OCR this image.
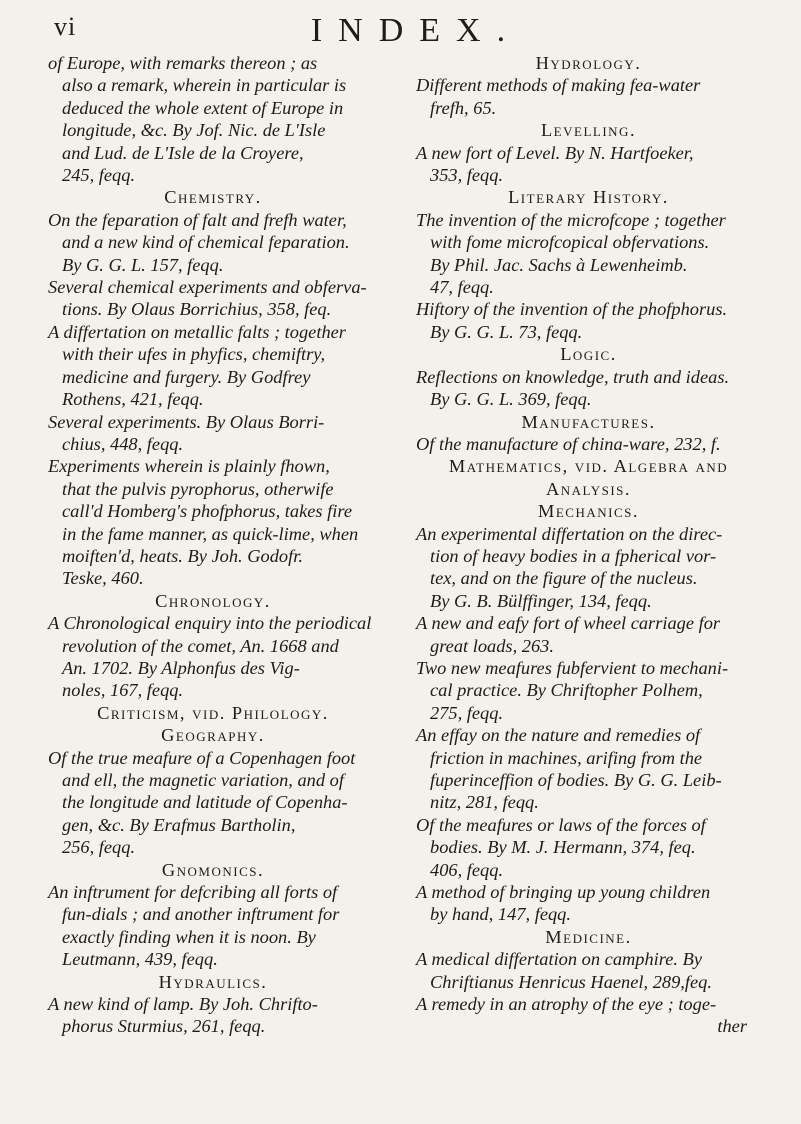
vi	INDEX.

of Europe, with remarks thereon ; as
also a remark, wherein in particular is
deduced the whole extent of Europe in
longitude, &c. By Jof. Nic. de L'Isle
and Lud. de L'Isle de la Croyere,
245, feqq.

Chemistry.

On the feparation of falt and frefh water,
and a new kind of chemical feparation.
By G. G. L. 157, feqq.

Several chemical experiments and obferva-
tions. By Olaus Borrichius, 358, feq.

A differtation on metallic falts ; together
with their ufes in phyfics, chemiftry,
medicine and furgery. By Godfrey
Rothens, 421, feqq.

Several experiments. By Olaus Borri-
chius, 448, feqq.

Experiments wherein is plainly fhown,
that the pulvis pyrophorus, otherwife
call'd Homberg's phofphorus, takes fire
in the fame manner, as quick-lime, when
moiften'd, heats. By Joh. Godofr.
Teske, 460.

Chronology.

A Chronological enquiry into the periodical
revolution of the comet, An. 1668 and
An. 1702. By Alphonfus des Vig-
noles, 167, feqq.

Criticism, vid. Philology.

Geography.

Of the true meafure of a Copenhagen foot
and ell, the magnetic variation, and of
the longitude and latitude of Copenha-
gen, &c. By Erafmus Bartholin,
256, feqq.

Gnomonics.

An inftrument for defcribing all forts of
fun-dials ; and another inftrument for
exactly finding when it is noon. By
Leutmann, 439, feqq.

Hydraulics.

A new kind of lamp. By Joh. Chrifto-
phorus Sturmius, 261, feqq.

Hydrology.

Different methods of making fea-water
frefh, 65.

Levelling.

A new fort of Level. By N. Hartfoeker,
353, feqq.

Literary History.

The invention of the microfcope ; together
with fome microfcopical obfervations.
By Phil. Jac. Sachs à Lewenheimb.
47, feqq.

Hiftory of the invention of the phofphorus.
By G. G. L. 73, feqq.

Logic.

Reflections on knowledge, truth and ideas.
By G. G. L. 369, feqq.

Manufactures.

Of the manufacture of china-ware, 232, f.

Mathematics, vid. Algebra and

Analysis.

Mechanics.

An experimental differtation on the direc-
tion of heavy bodies in a fpherical vor-
tex, and on the figure of the nucleus.
By G. B. Bülffinger, 134, feqq.

A new and eafy fort of wheel carriage for
great loads, 263.

Two new meafures fubfervient to mechani-
cal practice. By Chriftopher Polhem,
275, feqq.

An effay on the nature and remedies of
friction in machines, arifing from the
fuperinceffion of bodies. By G. G. Leib-
nitz, 281, feqq.

Of the meafures or laws of the forces of
bodies. By M. J. Hermann, 374, feq.
406, feqq.

A method of bringing up young children
by hand, 147, feqq.

Medicine.

A medical differtation on camphire. By
Chriftianus Henricus Haenel, 289,feq.

A remedy in an atrophy of the eye ; toge-

ther
